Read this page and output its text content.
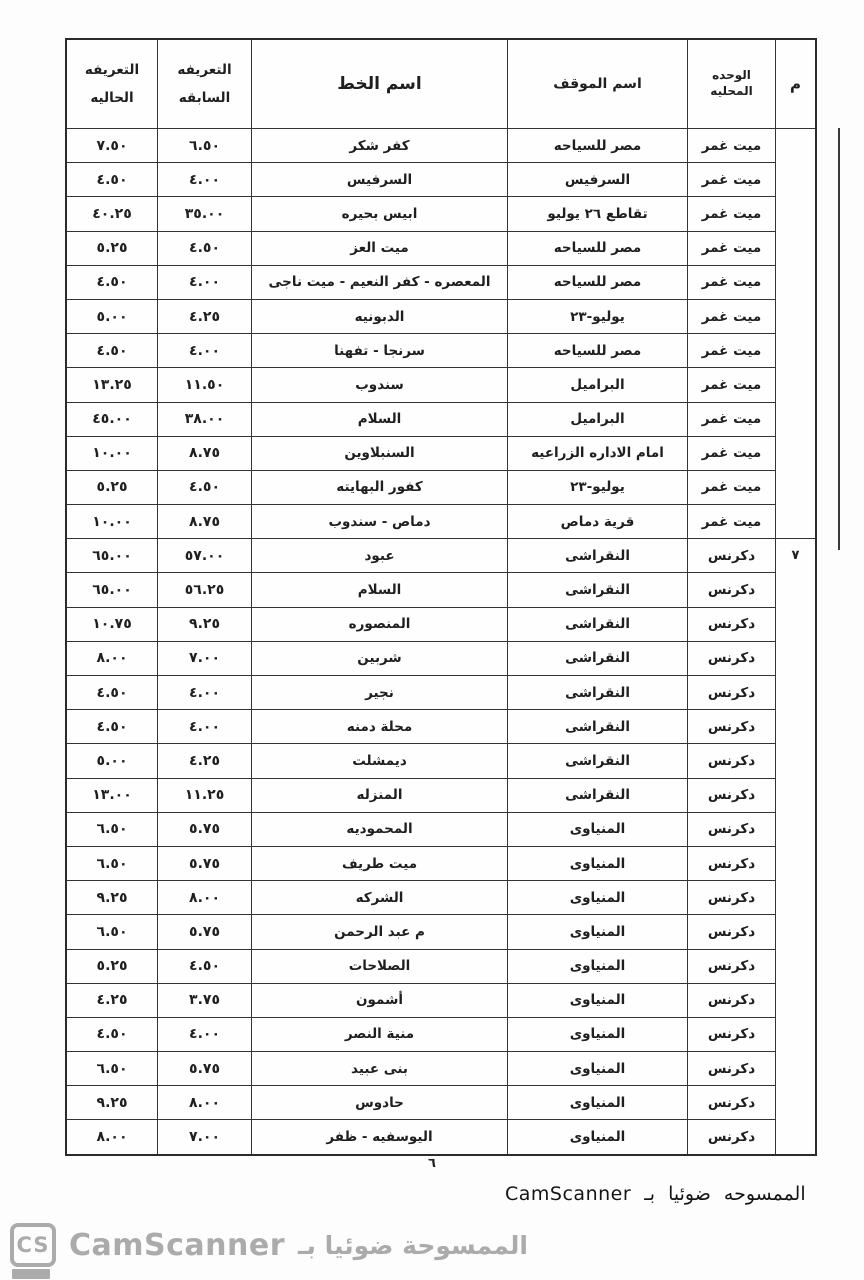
م
الوحده المحليه
اسم الموقف
اسم الخط
التعريفه السابقه
التعريفه الحاليه
٧
ميت غمر
مصر للسياحه
كفر شكر
٦.٥٠
٧.٥٠
ميت غمر
السرفيس
السرفيس
٤.٠٠
٤.٥٠
ميت غمر
تقاطع ٢٦ يوليو
ابيس بحيره
٣٥.٠٠
٤٠.٢٥
ميت غمر
مصر للسياحه
ميت العز
٤.٥٠
٥.٢٥
ميت غمر
مصر للسياحه
المعصره - كفر النعيم - ميت ناجى
٤.٠٠
٤.٥٠
ميت غمر
يوليو-٢٣
الدبونيه
٤.٢٥
٥.٠٠
ميت غمر
مصر للسياحه
سرنجا - تفهنا
٤.٠٠
٤.٥٠
ميت غمر
البراميل
سندوب
١١.٥٠
١٣.٢٥
ميت غمر
البراميل
السلام
٣٨.٠٠
٤٥.٠٠
ميت غمر
امام الاداره الزراعيه
السنبلاوين
٨.٧٥
١٠.٠٠
ميت غمر
يوليو-٢٣
كفور البهايته
٤.٥٠
٥.٢٥
ميت غمر
قرية دماص
دماص - سندوب
٨.٧٥
١٠.٠٠
دكرنس
النقراشى
عبود
٥٧.٠٠
٦٥.٠٠
دكرنس
النقراشى
السلام
٥٦.٢٥
٦٥.٠٠
دكرنس
النقراشى
المنصوره
٩.٢٥
١٠.٧٥
دكرنس
النقراشى
شربين
٧.٠٠
٨.٠٠
دكرنس
النقراشى
نجير
٤.٠٠
٤.٥٠
دكرنس
النقراشى
محلة دمنه
٤.٠٠
٤.٥٠
دكرنس
النقراشى
ديمشلت
٤.٢٥
٥.٠٠
دكرنس
النقراشى
المنزله
١١.٢٥
١٣.٠٠
دكرنس
المنياوى
المحموديه
٥.٧٥
٦.٥٠
دكرنس
المنياوى
ميت طريف
٥.٧٥
٦.٥٠
دكرنس
المنياوى
الشركه
٨.٠٠
٩.٢٥
دكرنس
المنياوى
م عبد الرحمن
٥.٧٥
٦.٥٠
دكرنس
المنياوى
الصلاحات
٤.٥٠
٥.٢٥
دكرنس
المنياوى
أشمون
٣.٧٥
٤.٢٥
دكرنس
المنياوى
منية النصر
٤.٠٠
٤.٥٠
دكرنس
المنياوى
بنى عبيد
٥.٧٥
٦.٥٠
دكرنس
المنياوى
حادوس
٨.٠٠
٩.٢٥
دكرنس
المنياوى
اليوسفيه - ظفر
٧.٠٠
٨.٠٠
٦
الممسوحه ضوئيا بـ CamScanner
CS CamScanner الممسوحة ضوئيا بـ
